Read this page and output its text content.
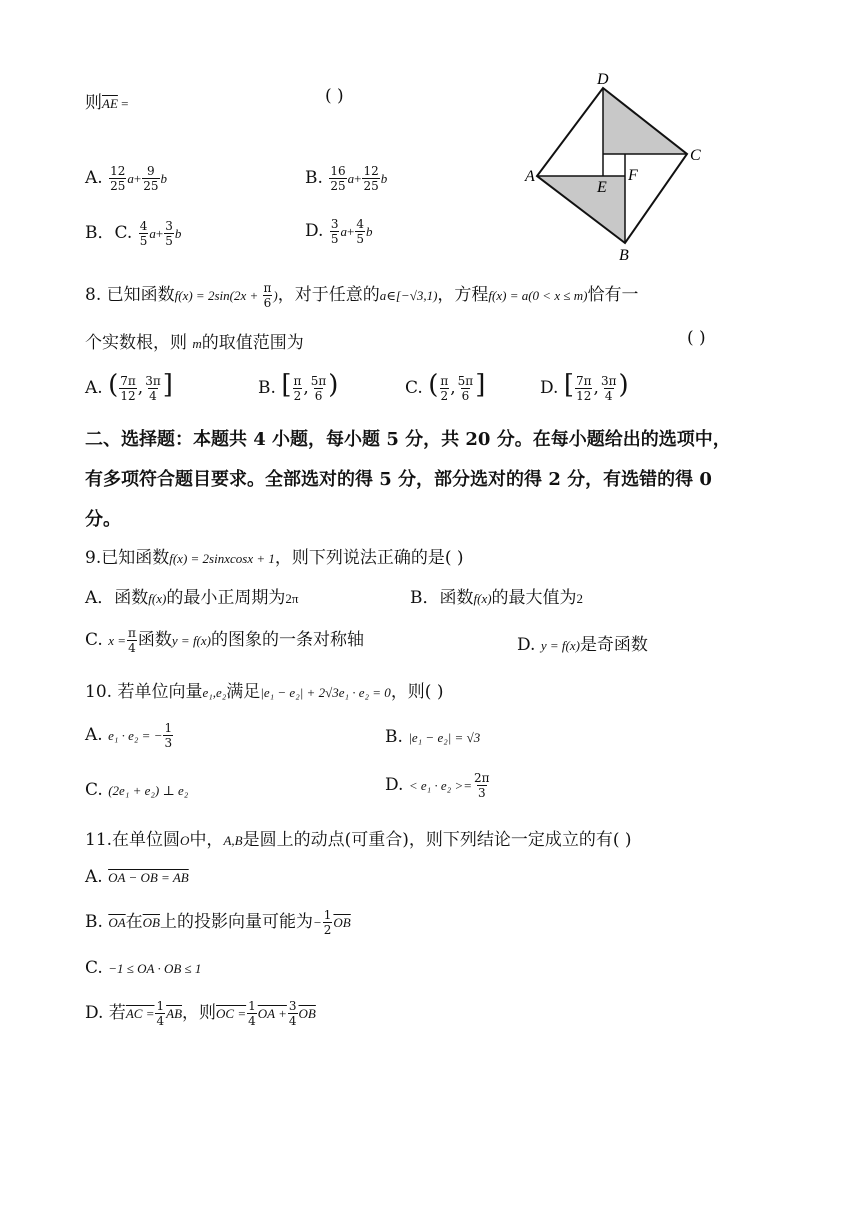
则$\overline{AE}$ =	( )
A. $\frac{12}{25} a+ \frac{9}{25}$ b	B. $\frac{16}{25} a+ \frac{12}{25}$ b
B．C. $\frac{4}{5} a+ \frac{3}{5}$ b	D. $\frac{3}{5} a+ \frac{4}{5}$ b
D
C
A
E
F
B
8. 已知函数$f(x) = 2\sin(2x + \frac{\pi}{6}$ )，对于任意的a∈[−√3,1)，方程f(x) = a(0 < x ≤ m)恰有一
个实数根，则 m的取值范围为	( )
A. ( $\frac{7\pi}{12}$ , $\frac{3\pi}{4}$ ]	B. [ $\frac{\pi}{2}$ , $\frac{5\pi}{6}$ )	C. ( $\frac{\pi}{2}$ , $\frac{5\pi}{6}$ ]	D. [ $\frac{7\pi}{12}$ , $\frac{3\pi}{4}$ )
二、选择题：本题共 4 小题，每小题 5 分，共 20 分。在每小题给出的选项中，
有多项符合题目要求。全部选对的得 5 分，部分选对的得 2 分，有选错的得 0
分。
9.已知函数f(x) = 2sinxcosx + 1，则下列说法正确的是( )
A．函数f(x)的最小正周期为2π	B．函数f(x)的最大值为2
C. $x = \frac{\pi}{4}$ 函数y = f(x)的图象的一条对称轴	D. y = f(x)是奇函数
10. 若单位向量e₁,e₂满足|e₁ − e₂| + 2√3e₁ · e₂ = 0，则( )
A. e₁ · e₂ = − $\frac{1}{3}$	B. |e₁ − e₂| = √3
C. (2e₁ + e₂) ⊥ e₂	D. < $e_1 \cdot e_2 >= \frac{2\pi}{3}$
11.在单位圆O中，A,B是圆上的动点(可重合)，则下列结论一定成立的有( )
A. OA − OB = AB
B. $\overline{OA}$在$\overline{OB}$上的投影向量可能为− $\frac{1}{2} \overline{OB}$
C. −1 ≤ OA · OB ≤ 1
D. 若AC = $\frac{1}{4} \overline{AB}$，则OC = $\frac{1}{4}$ OA + $\frac{3}{4} \overline{OB}$
